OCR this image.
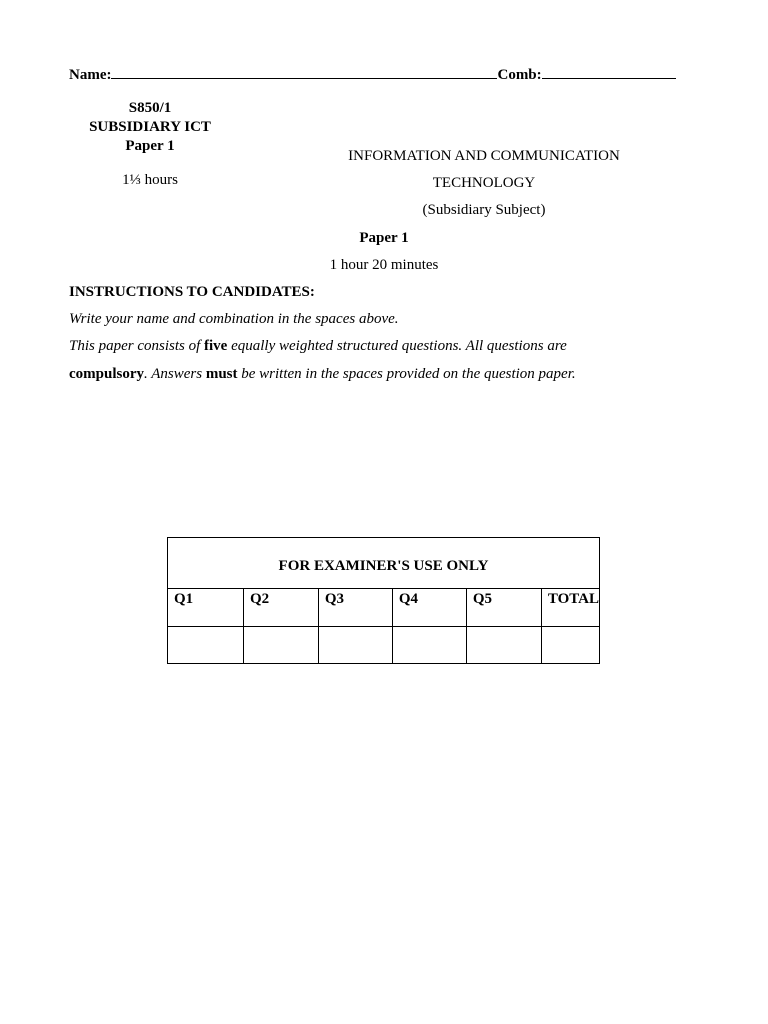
Name:	Comb:
S850/1
SUBSIDIARY ICT
Paper 1
1⅓ hours
INFORMATION AND COMMUNICATION
TECHNOLOGY
(Subsidiary Subject)
Paper 1
1 hour 20 minutes
INSTRUCTIONS TO CANDIDATES:
Write your name and combination in the spaces above.
This paper consists of five equally weighted structured questions. All questions are
compulsory. Answers must be written in the spaces provided on the question paper.
FOR EXAMINER'S USE ONLY					
Q1	Q2	Q3	Q4	Q5	TOTAL
